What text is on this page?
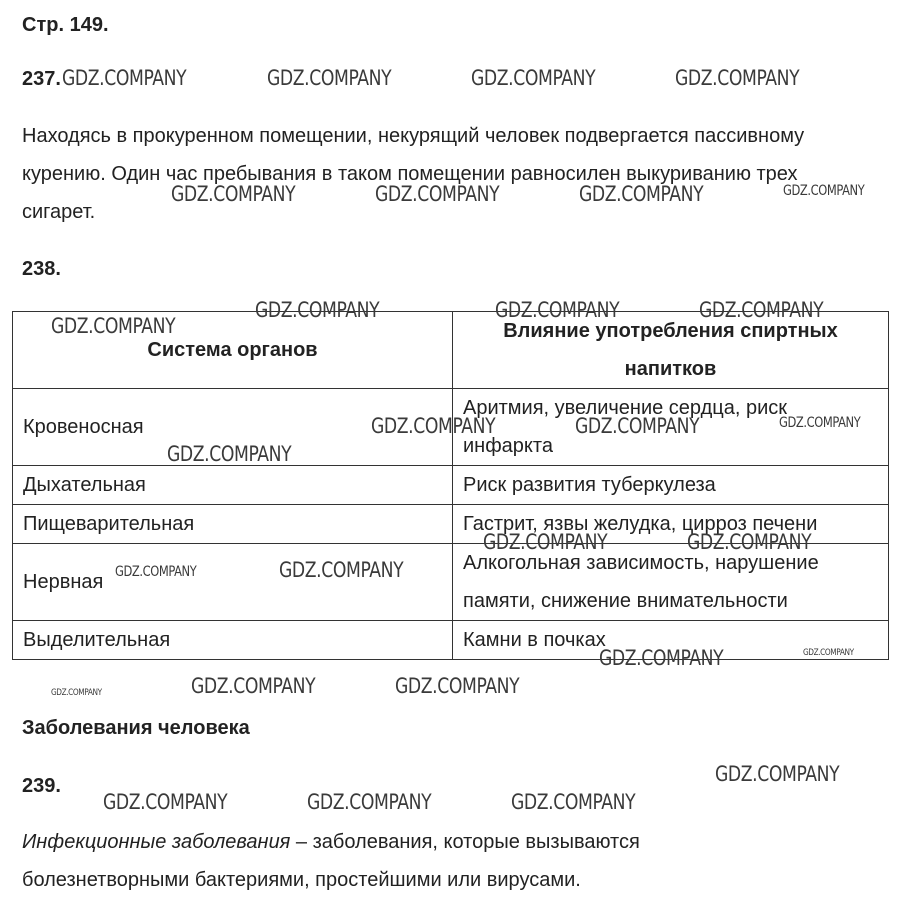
Стр. 149.
237.
Находясь в прокуренном помещении, некурящий человек подвергается пассивному курению. Один час пребывания в таком помещении равносилен выкуриванию трех сигарет.
238.
Система органов	Влияние употребления спиртных напитков
Кровеносная	Аритмия, увеличение сердца, риск инфаркта
Дыхательная	Риск развития туберкулеза
Пищеварительная	Гастрит, язвы желудка, цирроз печени
Нервная	Алкогольная зависимость, нарушение памяти, снижение внимательности
Выделительная	Камни в почках
Заболевания человека
239.
Инфекционные заболевания – заболевания, которые вызываются болезнетворными бактериями, простейшими или вирусами.
GDZ.COMPANY	GDZ.COMPANY	GDZ.COMPANY	GDZ.COMPANY
GDZ.COMPANY	GDZ.COMPANY	GDZ.COMPANY	GDZ.COMPANY
GDZ.COMPANY	GDZ.COMPANY	GDZ.COMPANY
GDZ.COMPANY
GDZ.COMPANY	GDZ.COMPANY	GDZ.COMPANY
GDZ.COMPANY
GDZ.COMPANY	GDZ.COMPANY
GDZ.COMPANY	GDZ.COMPANY
GDZ.COMPANY	GDZ.COMPANY
GDZ.COMPANY	GDZ.COMPANY	GDZ.COMPANY
GDZ.COMPANY
GDZ.COMPANY	GDZ.COMPANY	GDZ.COMPANY
